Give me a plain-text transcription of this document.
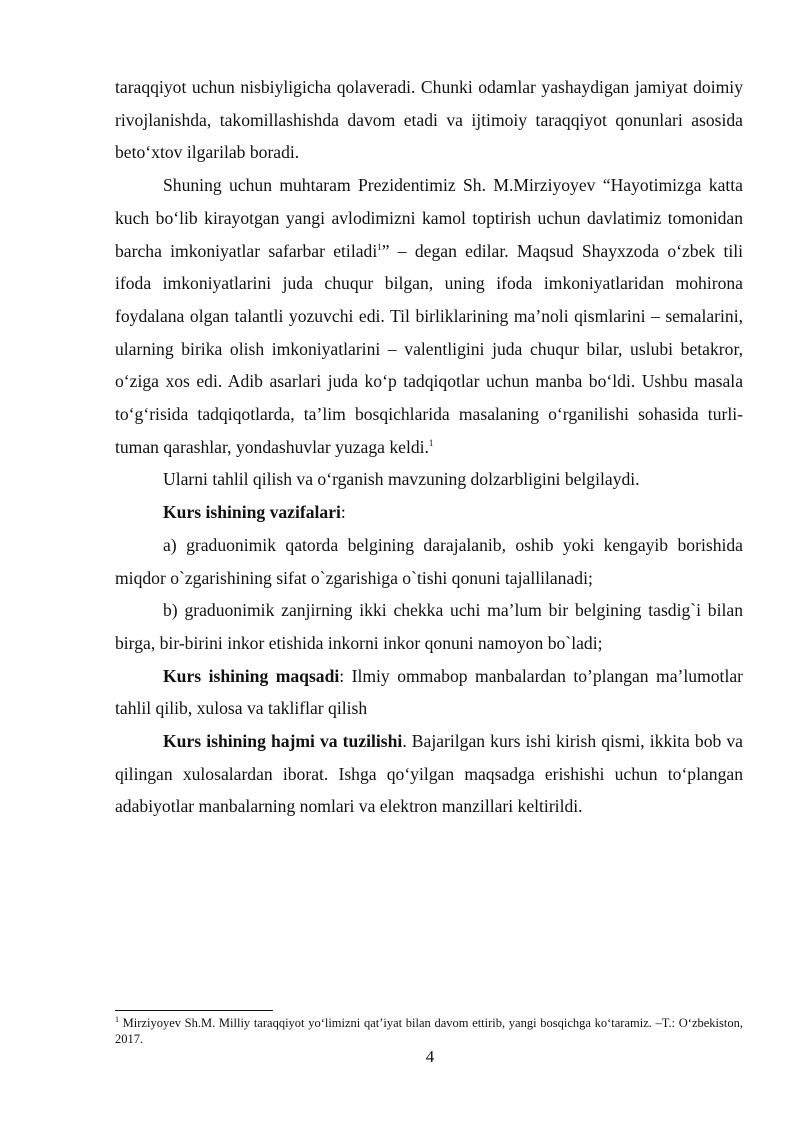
taraqqiyot uchun nisbiyligicha qolaveradi. Chunki odamlar yashaydigan jamiyat doimiy rivojlanishda, takomillashishda davom etadi va ijtimoiy taraqqiyot qonunlari asosida beto‘xtov ilgarilab boradi.

Shuning uchun muhtaram Prezidentimiz Sh. M.Mirziyoyev “Hayotimizga katta kuch bo‘lib kirayotgan yangi avlodimizni kamol toptirish uchun davlatimiz tomonidan barcha imkoniyatlar safarbar etiladi$^1$” – degan edilar. Maqsud Shayxzoda o‘zbek tili ifoda imkoniyatlarini juda chuqur bilgan, uning ifoda imkoniyatlaridan mohirona foydalana olgan talantli yozuvchi edi. Til birliklarining ma’noli qismlarini – semalarini, ularning birika olish imkoniyatlarini – valentligini juda chuqur bilar, uslubi betakror, o‘ziga xos edi. Adib asarlari juda ko‘p tadqiqotlar uchun manba bo‘ldi. Ushbu masala to‘g‘risida tadqiqotlarda, ta’lim bosqichlarida masalaning o‘rganilishi sohasida turli-tuman qarashlar, yondashuvlar yuzaga keldi.$^1$

Ularni tahlil qilish va o‘rganish mavzuning dolzarbligini belgilaydi.

Kurs ishining vazifalari:

a) graduonimik qatorda belgining darajalanib, oshib yoki kengayib borishida miqdor o`zgarishining sifat o`zgarishiga o`tishi qonuni tajallilanadi;

b) graduonimik zanjirning ikki chekka uchi ma’lum bir belgining tasdig`i bilan birga, bir-birini inkor etishida inkorni inkor qonuni namoyon bo`ladi;

Kurs ishining maqsadi: Ilmiy ommabop manbalardan to’plangan ma’lumotlar tahlil qilib, xulosa va takliflar qilish

Kurs ishining hajmi va tuzilishi. Bajarilgan kurs ishi kirish qismi, ikkita bob va qilingan xulosalardan iborat. Ishga qo‘yilgan maqsadga erishishi uchun to‘plangan adabiyotlar manbalarning nomlari va elektron manzillari keltirildi.

$^1$ Mirziyoyev Sh.M. Milliy taraqqiyot yo‘limizni qat’iyat bilan davom ettirib, yangi bosqichga ko‘taramiz. –T.: O‘zbekiston, 2017.
4
